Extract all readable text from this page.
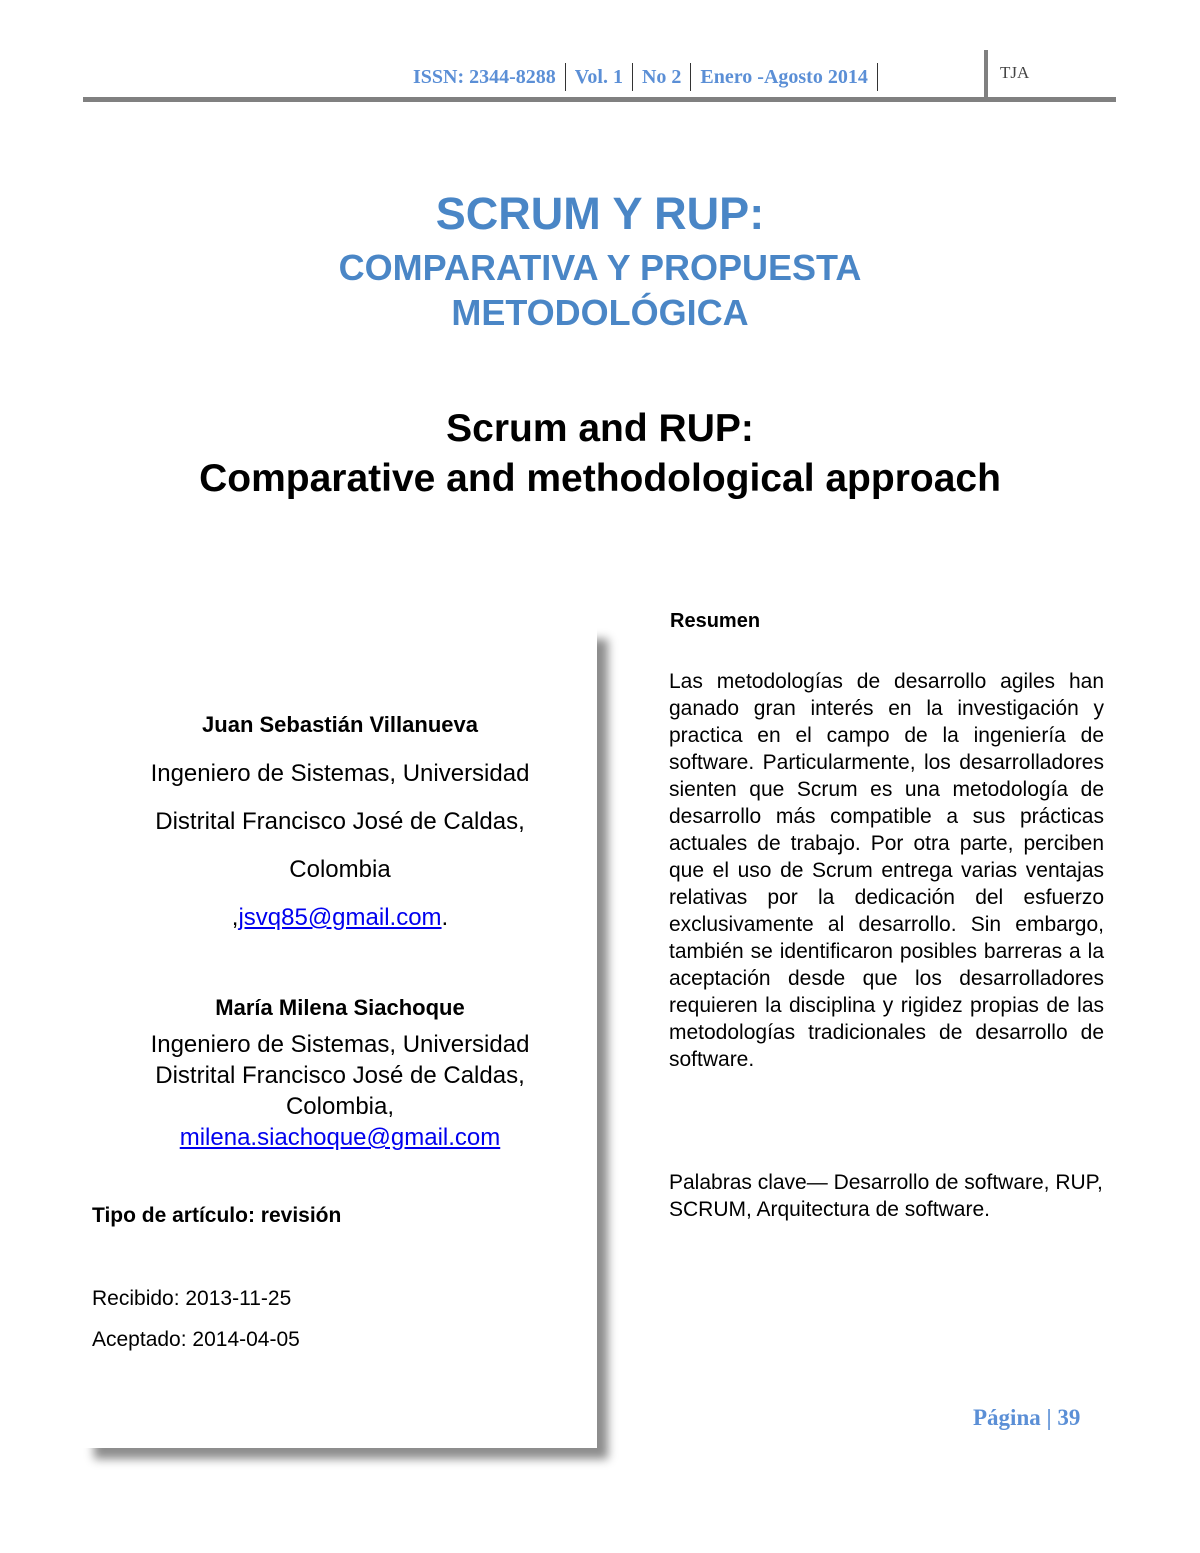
ISSN: 2344-8288 Vol. 1 No 2 Enero -Agosto 2014	TJA
SCRUM Y RUP:
COMPARATIVA Y PROPUESTA
METODOLÓGICA
Scrum and RUP:
Comparative and methodological approach
Juan Sebastián Villanueva
Ingeniero de Sistemas, Universidad
Distrital Francisco José de Caldas,
Colombia
,jsvq85@gmail.com.
María Milena Siachoque
Ingeniero de Sistemas, Universidad
Distrital Francisco José de Caldas,
Colombia,
milena.siachoque@gmail.com
Tipo de artículo: revisión
Recibido: 2013-11-25
Aceptado: 2014-04-05
Resumen
Las metodologías de desarrollo agiles han ganado gran interés en la investigación y practica en el campo de la ingeniería de software. Particularmente, los desarrolladores sienten que Scrum es una metodología de desarrollo más compatible a sus prácticas actuales de trabajo. Por otra parte, perciben que el uso de Scrum entrega varias ventajas relativas por la dedicación del esfuerzo exclusivamente al desarrollo. Sin embargo, también se identificaron posibles barreras a la aceptación desde que los desarrolladores requieren la disciplina y rigidez propias de las metodologías tradicionales de desarrollo de software.
Palabras clave— Desarrollo de software, RUP, SCRUM, Arquitectura de software.
Página | 39
